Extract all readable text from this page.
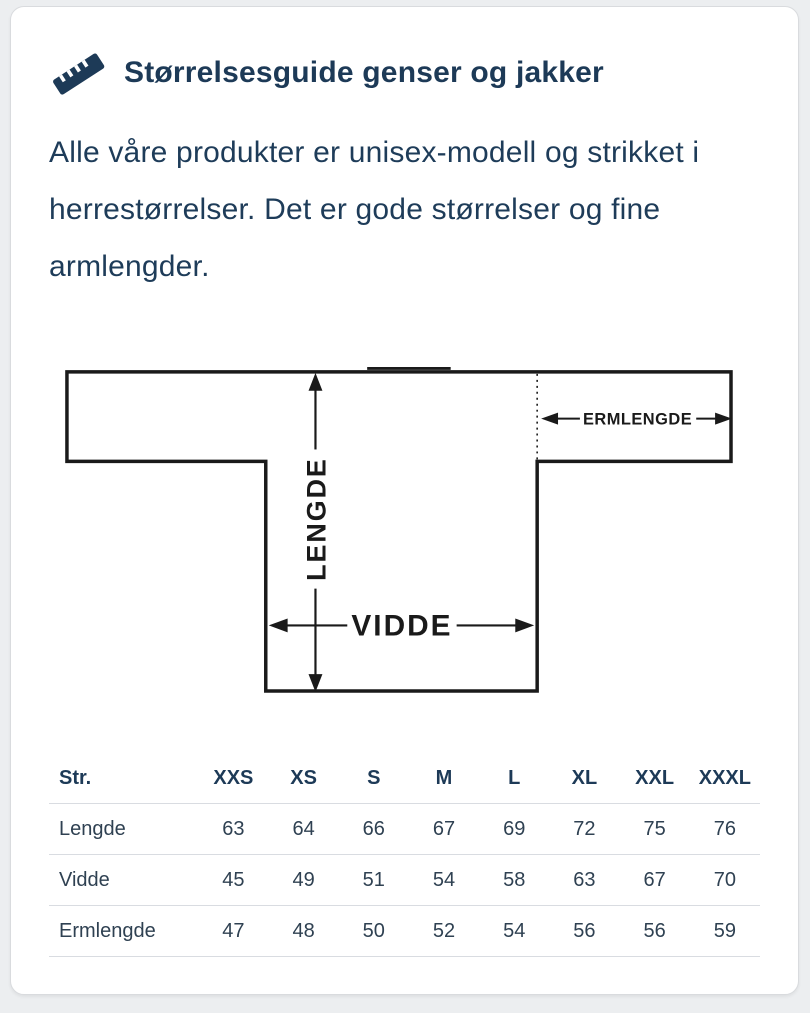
Størrelsesguide genser og jakker

Alle våre produkter er unisex-modell og strikket i herrestørrelser. Det er gode størrelser og fine armlengder.

LENGDE
VIDDE
ERMLENGDE
Str.	XXS	XS	S	M	L	XL	XXL	XXXL
Lengde	63	64	66	67	69	72	75	76
Vidde	45	49	51	54	58	63	67	70
Ermlengde	47	48	50	52	54	56	56	59
